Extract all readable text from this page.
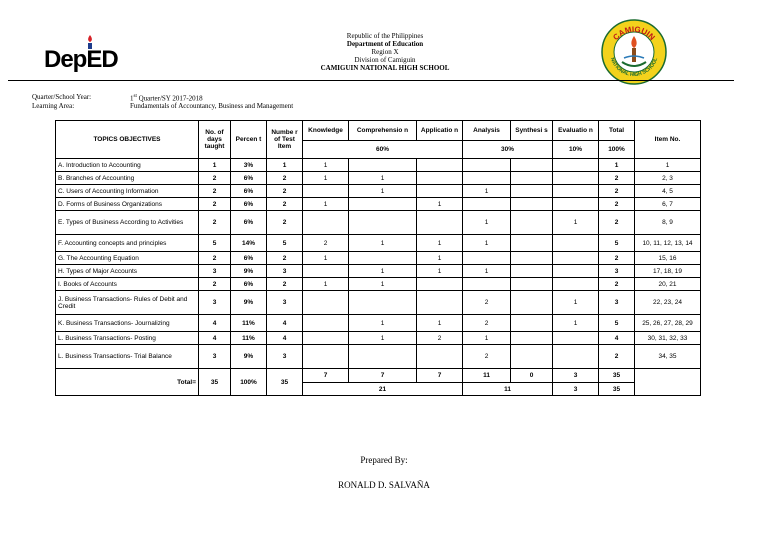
DepED
Republic of the Philippines
Department of Education
Region X
Division of Camiguin
CAMIGUIN NATIONAL HIGH SCHOOL
CAMIGUIN
NATIONAL HIGH SCHOOL
Quarter/School Year:	1st Quarter/SY 2017-2018
Learning Area:	Fundamentals of Accountancy, Business and Management
TOPICS OBJECTIVES	No. of days taught	Percen t	Numbe r of Test Item	Knowledge	Comprehensio n	Applicatio n	Analysis	Synthesi s	Evaluatio n	Total	Item No.
				60%			30%		10%	100%	
A. Introduction to Accounting	1	3%	1	1						1	1
B. Branches of Accounting	2	6%	2	1	1					2	2, 3
C. Users of Accounting Information	2	6%	2		1		1			2	4, 5
D. Forms of Business Organizations	2	6%	2	1		1				2	6, 7
E. Types of Business According to Activities	2	6%	2				1		1	2	8, 9
F. Accounting concepts and principles	5	14%	5	2	1	1	1			5	10, 11, 12, 13, 14
G. The Accounting Equation	2	6%	2	1		1				2	15, 16
H. Types of Major Accounts	3	9%	3		1	1	1			3	17, 18, 19
I. Books of Accounts	2	6%	2	1	1					2	20, 21
J. Business Transactions- Rules of Debit and Credit	3	9%	3				2		1	3	22, 23, 24
K. Business Transactions- Journalizing	4	11%	4		1	1	2		1	5	25, 26, 27, 28, 29
L. Business Transactions- Posting	4	11%	4		1	2	1			4	30, 31, 32, 33
L. Business Transactions- Trial Balance	3	9%	3				2			2	34, 35
Total=	35	100%	35	7	7	7	11	0	3	35	
				21			11		3	35	
Prepared By:
RONALD D. SALVAÑA
